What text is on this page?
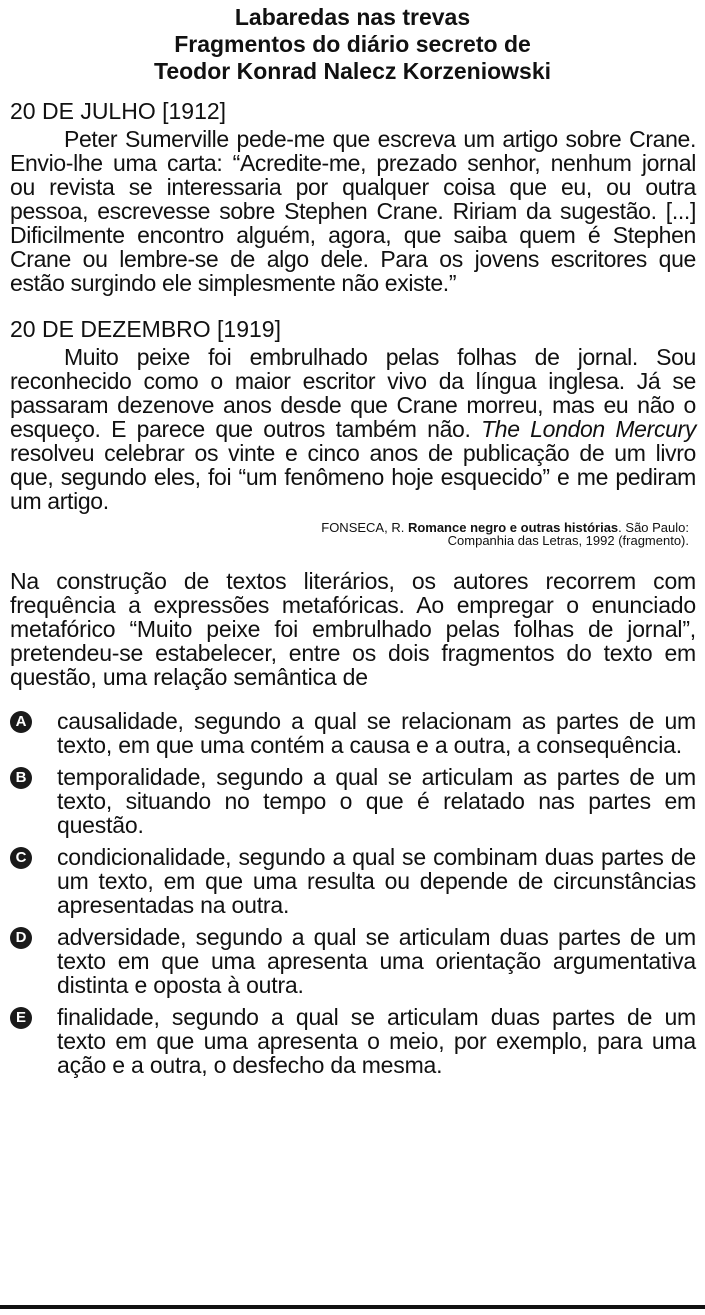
Labaredas nas trevas
Fragmentos do diário secreto de
Teodor Konrad Nalecz Korzeniowski
20 DE JULHO [1912]

Peter Sumerville pede-me que escreva um artigo sobre Crane. Envio-lhe uma carta: “Acredite-me, prezado senhor, nenhum jornal ou revista se interessaria por qualquer coisa que eu, ou outra pessoa, escrevesse sobre Stephen Crane. Ririam da sugestão. [...] Dificilmente encontro alguém, agora, que saiba quem é Stephen Crane ou lembre-se de algo dele. Para os jovens escritores que estão surgindo ele simplesmente não existe.”

20 DE DEZEMBRO [1919]

Muito peixe foi embrulhado pelas folhas de jornal. Sou reconhecido como o maior escritor vivo da língua inglesa. Já se passaram dezenove anos desde que Crane morreu, mas eu não o esqueço. E parece que outros também não. The London Mercury resolveu celebrar os vinte e cinco anos de publicação de um livro que, segundo eles, foi “um fenômeno hoje esquecido” e me pediram um artigo.

FONSECA, R. Romance negro e outras histórias. São Paulo:
Companhia das Letras, 1992 (fragmento).
Na construção de textos literários, os autores recorrem com frequência a expressões metafóricas. Ao empregar o enunciado metafórico “Muito peixe foi embrulhado pelas folhas de jornal”, pretendeu-se estabelecer, entre os dois fragmentos do texto em questão, uma relação semântica de
A causalidade, segundo a qual se relacionam as partes de um texto, em que uma contém a causa e a outra, a consequência.
B temporalidade, segundo a qual se articulam as partes de um texto, situando no tempo o que é relatado nas partes em questão.
C condicionalidade, segundo a qual se combinam duas partes de um texto, em que uma resulta ou depende de circunstâncias apresentadas na outra.
D adversidade, segundo a qual se articulam duas partes de um texto em que uma apresenta uma orientação argumentativa distinta e oposta à outra.
E finalidade, segundo a qual se articulam duas partes de um texto em que uma apresenta o meio, por exemplo, para uma ação e a outra, o desfecho da mesma.
